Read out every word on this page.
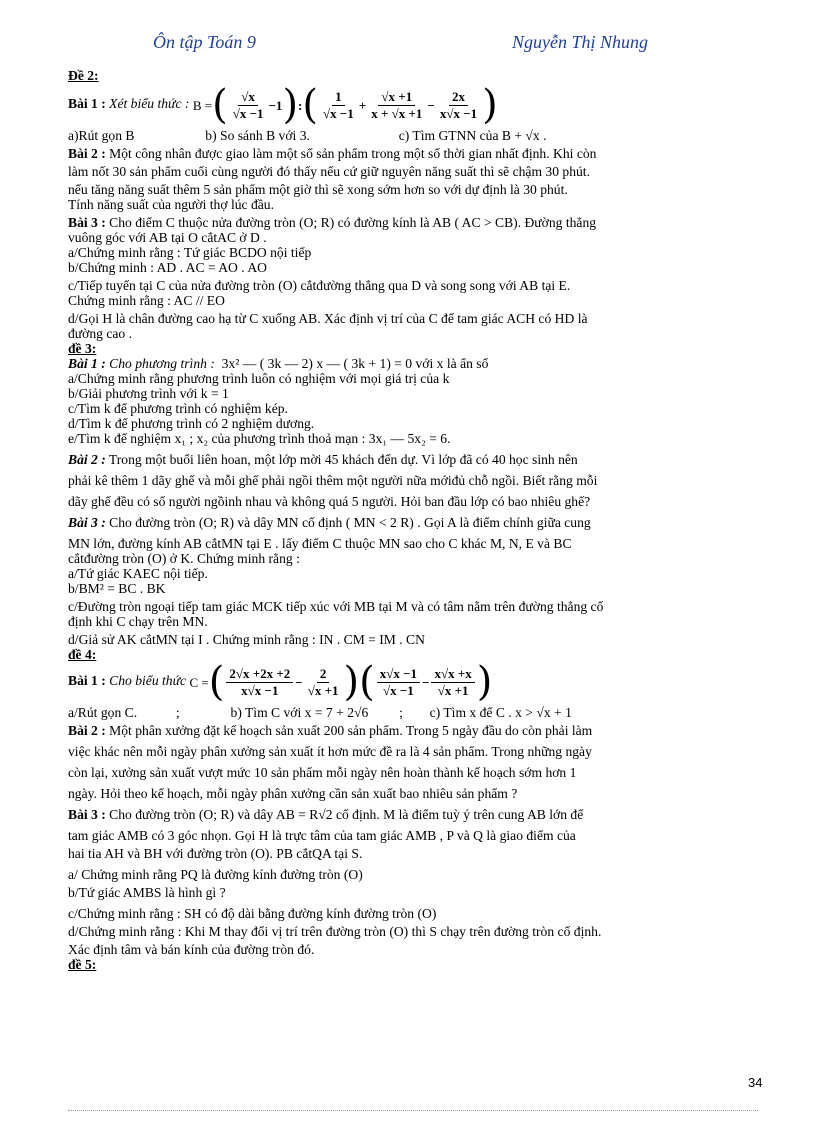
Ôn tập Toán 9	Nguyễn Thị Nhung
Đề 2:
Bài 1 : Xét biểu thức : B = ( $\frac{√x}{√x -1} -1$ ) : ( $\frac{1}{√x -1} + \frac{√x +1}{x + √x +1} - \frac{2x}{x√x -1}$ )
a)Rút gọn B	b) So sánh B với 3.	c) Tìm GTNN của B + √x .
Bài 2 : Một công nhân được giao làm một số sản phẩm trong một số thời gian nhất định. Khi còn
làm nốt 30 sản phẩm cuối cùng người đó thấy nếu cứ giữ nguyên năng suất thì sẽ chậm 30 phút.
nếu tăng năng suất thêm 5 sản phẩm một giờ thì sẽ xong sớm hơn so với dự định là 30 phút.
Tính năng suất của người thợ lúc đầu.
Bài 3 : Cho điểm C thuộc nửa đường tròn (O; R) có đường kính là AB ( AC > CB). Đường thẳng
vuông góc với AB tại O cắtAC ở D .
a/Chứng minh rằng : Tứ giác BCDO nội tiếp
b/Chứng minh : AD . AC = AO . AO
c/Tiếp tuyến tại C của nửa đường tròn (O) cắtđường thẳng qua D và song song với AB tại E.
Chứng minh rằng : AC // EO
d/Gọi H là chân đường cao hạ từ C xuống AB. Xác định vị trí của C để tam giác ACH có HD là
đường cao .
đề 3:
Bài 1 : Cho phương trình : 3x² — ( 3k — 2) x — ( 3k + 1) = 0 với x là ẩn số
a/Chứng minh rằng phương trình luôn có nghiệm với mọi giá trị của k
b/Giải phương trình với k = 1
c/Tìm k để phương trình có nghiệm kép.
d/Tìm k để phương trình có 2 nghiệm dương.
e/Tìm k để nghiệm x₁ ; x₂ của phương trình thoả mạn : 3x₁ — 5x₂ = 6.
Bài 2 : Trong một buổi liên hoan, một lớp mời 45 khách đến dự. Vì lớp đã có 40 học sinh nên
phải kê thêm 1 dãy ghế và mỗi ghế phải ngồi thêm một người nữa mớiđủ chỗ ngồi. Biết rằng mỗi
dãy ghế đều có số người ngồinh nhau và không quá 5 người. Hỏi ban đầu lớp có bao nhiêu ghế?
Bài 3 : Cho đường tròn (O; R) và dây MN cố định ( MN < 2 R) . Gọi A là điểm chính giữa cung
MN lớn, đường kính AB cắtMN tại E . lấy điểm C thuộc MN sao cho C khác M, N, E và BC
cắtđường tròn (O) ở K. Chứng minh rằng :
a/Tứ giác KAEC nội tiếp.
b/BM² = BC . BK
c/Đường tròn ngoại tiếp tam giác MCK tiếp xúc với MB tại M và có tâm nằm trên đường thẳng cố
định khi C chạy trên MN.
d/Giả sử AK cắtMN tại I . Chứng minh rằng : IN . CM = IM . CN
đề 4:
Bài 1 : Cho biểu thức C = ( $\frac{2√x +2x +2}{x√x -1} - \frac{2}{√x +1}$ ) ( $\frac{x√x -1}{√x -1} - \frac{x√x +x}{√x +1}$ )
a/Rút gọn C.	;	b) Tìm C với x = 7 + 2√6 ; c) Tìm x để C . x > √x + 1
Bài 2 : Một phân xưởng đặt kế hoạch sản xuất 200 sản phẩm. Trong 5 ngày đầu do còn phải làm
việc khác nên mỗi ngày phân xưởng sản xuất ít hơn mức đề ra là 4 sản phẩm. Trong những ngày
còn lại, xưởng sản xuất vượt mức 10 sản phẩm mỗi ngày nên hoàn thành kế hoạch sớm hơn 1
ngày. Hỏi theo kế hoạch, mỗi ngày phân xưởng cần sản xuất bao nhiêu sản phẩm ?
Bài 3 : Cho đường tròn (O; R) và dây AB = R√2 cố định. M là điểm tuỳ ý trên cung AB lớn để
tam giác AMB có 3 góc nhọn. Gọi H là trực tâm của tam giác AMB , P và Q là giao điểm của
hai tia AH và BH với đường tròn (O). PB cắtQA tại S.
a/ Chứng minh rằng PQ là đường kính đường tròn (O)
b/Tứ giác AMBS là hình gì ?
c/Chứng minh rằng : SH có độ dài bằng đường kính đường tròn (O)
d/Chứng minh rằng : Khi M thay đổi vị trí trên đường tròn (O) thì S chạy trên đường tròn cố định.
Xác định tâm và bán kính của đường tròn đó.
đề 5:
34
